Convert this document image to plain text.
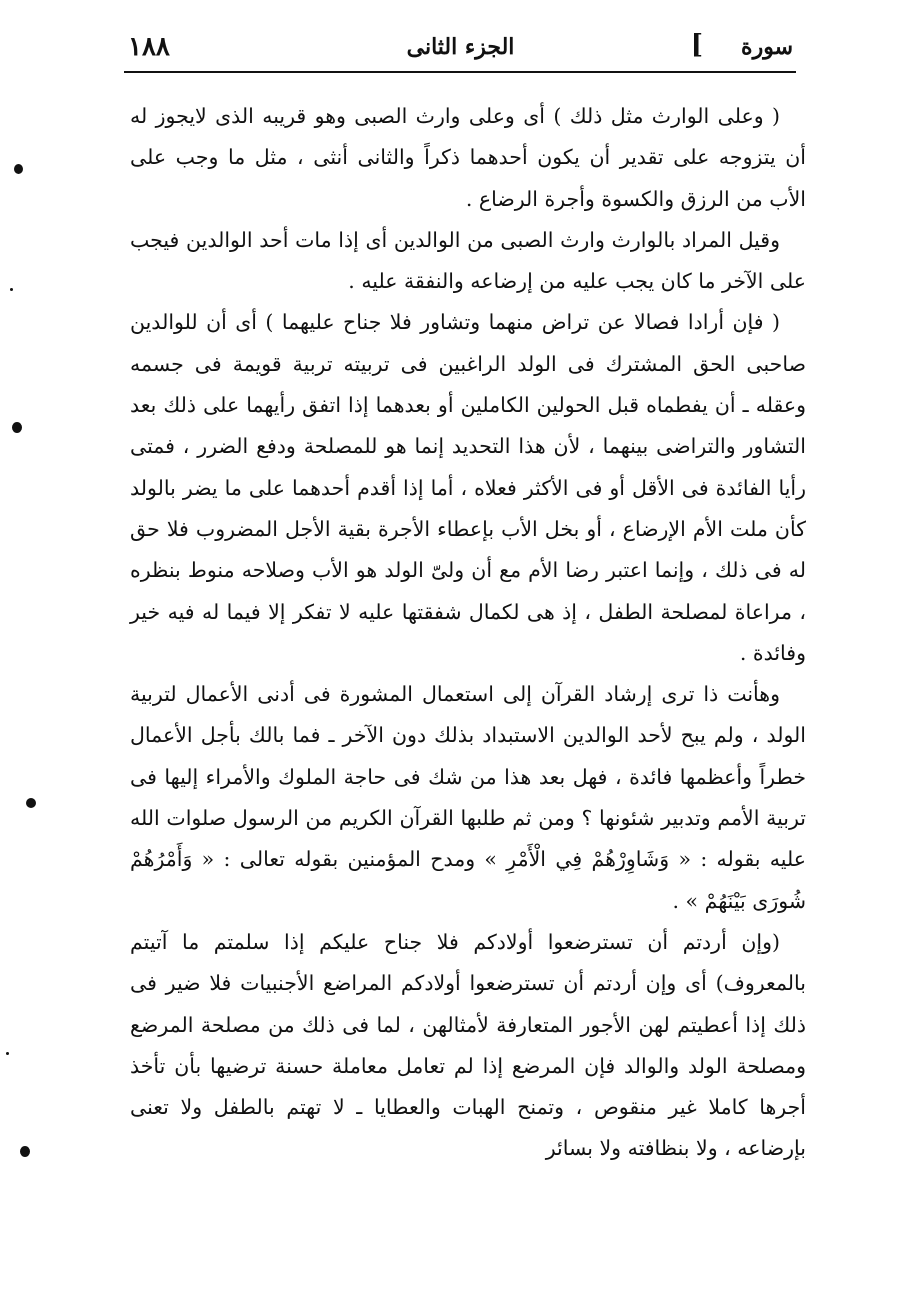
١٨٨	الجزء الثانى	[ سورة

( وعلى الوارث مثل ذلك ) أى وعلى وارث الصبى وهو قريبه الذى لايجوز له أن يتزوجه على تقدير أن يكون أحدهما ذكراً والثانى أنثى ، مثل ما وجب على الأب من الرزق والكسوة وأجرة الرضاع .

وقيل المراد بالوارث وارث الصبى من الوالدين أى إذا مات أحد الوالدين فيجب على الآخر ما كان يجب عليه من إرضاعه والنفقة عليه .

( فإن أرادا فصالا عن تراض منهما وتشاور فلا جناح عليهما ) أى أن للوالدين صاحبى الحق المشترك فى الولد الراغبين فى تربيته تربية قويمة فى جسمه وعقله ـ أن يفطماه قبل الحولين الكاملين أو بعدهما إذا اتفق رأيهما على ذلك بعد التشاور والتراضى بينهما ، لأن هذا التحديد إنما هو للمصلحة ودفع الضرر ، فمتى رأيا الفائدة فى الأقل أو فى الأكثر فعلاه ، أما إذا أقدم أحدهما على ما يضر بالولد كأن ملت الأم الإرضاع ، أو بخل الأب بإعطاء الأجرة بقية الأجل المضروب فلا حق له فى ذلك ، وإنما اعتبر رضا الأم مع أن ولىّ الولد هو الأب وصلاحه منوط بنظره ، مراعاة لمصلحة الطفل ، إذ هى لكمال شفقتها عليه لا تفكر إلا فيما له فيه خير وفائدة .

وهأنت ذا ترى إرشاد القرآن إلى استعمال المشورة فى أدنى الأعمال لتربية الولد ، ولم يبح لأحد الوالدين الاستبداد بذلك دون الآخر ـ فما بالك بأجل الأعمال خطراً وأعظمها فائدة ، فهل بعد هذا من شك فى حاجة الملوك والأمراء إليها فى تربية الأمم وتدبير شئونها ؟ ومن ثم طلبها القرآن الكريم من الرسول صلوات الله عليه بقوله : « وَشَاوِرْهُمْ فِي الْأَمْرِ » ومدح المؤمنين بقوله تعالى : « وَأَمْرُهُمْ شُورَى بَيْنَهُمْ » .

(وإن أردتم أن تسترضعوا أولادكم فلا جناح عليكم إذا سلمتم ما آتيتم بالمعروف) أى وإن أردتم أن تسترضعوا أولادكم المراضع الأجنبيات فلا ضير فى ذلك إذا أعطيتم لهن الأجور المتعارفة لأمثالهن ، لما فى ذلك من مصلحة المرضع ومصلحة الولد والوالد فإن المرضع إذا لم تعامل معاملة حسنة ترضيها بأن تأخذ أجرها كاملا غير منقوص ، وتمنح الهبات والعطايا ـ لا تهتم بالطفل ولا تعنى بإرضاعه ، ولا بنظافته ولا بسائر
